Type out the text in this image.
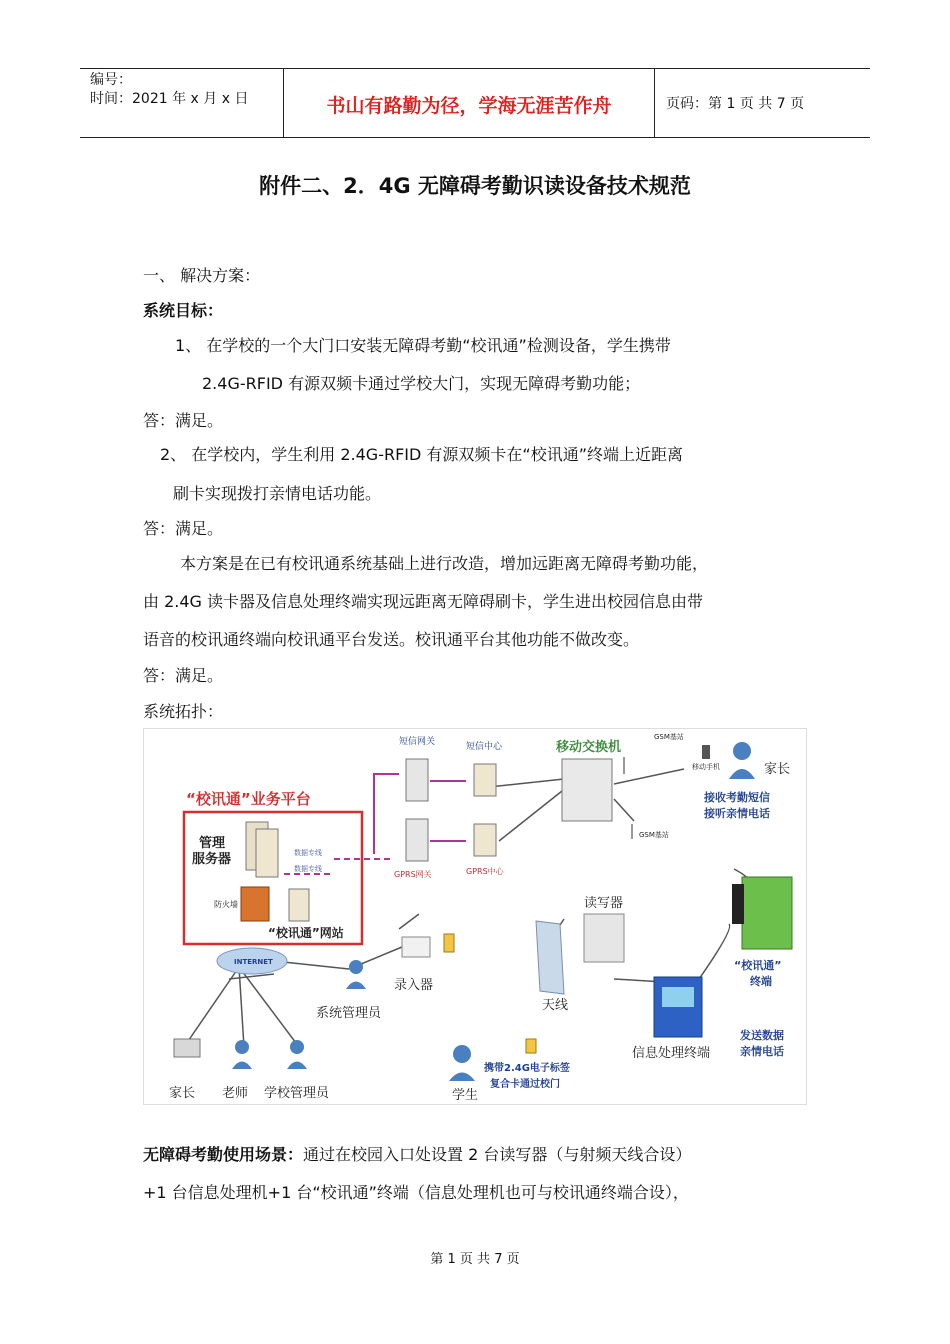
编号：
时间：2021 年 x 月 x 日	书山有路勤为径，学海无涯苦作舟	页码：第 1 页 共 7 页
附件二、2．4G 无障碍考勤识读设备技术规范
一、 解决方案：
系统目标：
1、 在学校的一个大门口安装无障碍考勤“校讯通”检测设备，学生携带
2.4G-RFID 有源双频卡通过学校大门，实现无障碍考勤功能；
答：满足。
2、 在学校内，学生利用 2.4G-RFID 有源双频卡在“校讯通”终端上近距离
刷卡实现拨打亲情电话功能。
答：满足。
本方案是在已有校讯通系统基础上进行改造，增加远距离无障碍考勤功能，
由 2.4G 读卡器及信息处理终端实现远距离无障碍刷卡，学生进出校园信息由带
语音的校讯通终端向校讯通平台发送。校讯通平台其他功能不做改变。
答：满足。
系统拓扑：
“校讯通”业务平台
管理
服务器	数据专线
数据专线
防火墙
“校讯通”网站
短信网关	短信中心
GPRS网关	GPRS中心
移动交换机
GSM基站
移动手机
GSM基站
家长
接收考勤短信
接听亲情电话
INTERNET
录入器
系统管理员
读写器
天线
信息处理终端
“校讯通”
终端
发送数据
亲情电话
家长 老师 学校管理员	学生
携带2.4G电子标签
复合卡通过校门
无障碍考勤使用场景：通过在校园入口处设置 2 台读写器（与射频天线合设）
+1 台信息处理机+1 台“校讯通”终端（信息处理机也可与校讯通终端合设），
第 1 页 共 7 页
